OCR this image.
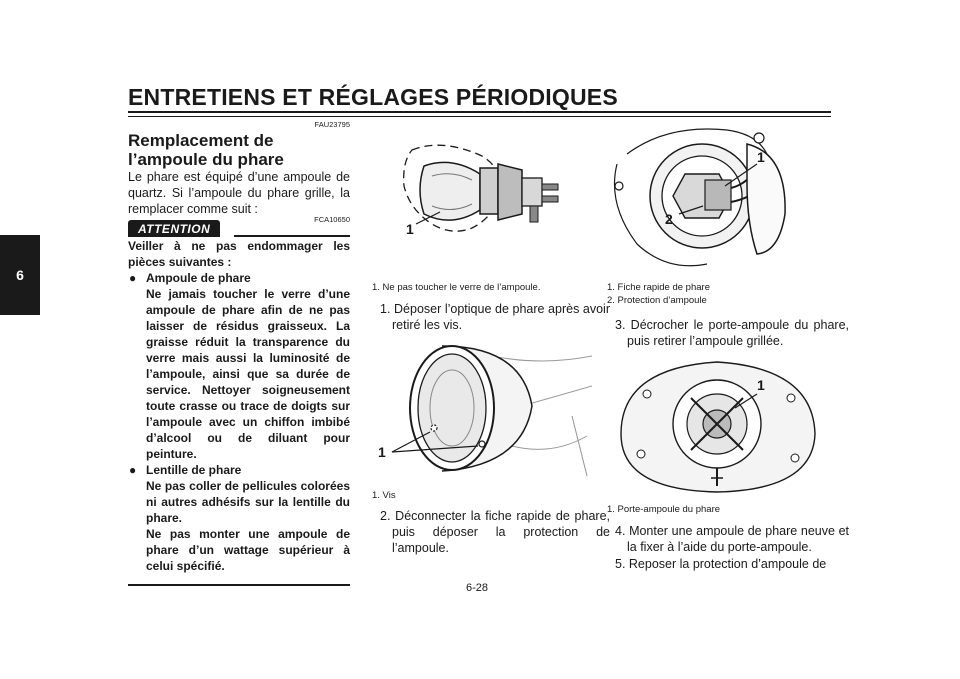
ENTRETIENS ET RÉGLAGES PÉRIODIQUES
6
FAU23795
Remplacement de l’ampoule du phare
Le phare est équipé d’une ampoule de quartz. Si l’ampoule du phare grille, la remplacer comme suit :
ATTENTION
FCA10650
Veiller à ne pas endommager les pièces suivantes :
● Ampoule de phare
Ne jamais toucher le verre d’une ampoule de phare afin de ne pas laisser de résidus graisseux. La graisse réduit la transparence du verre mais aussi la luminosité de l’ampoule, ainsi que sa durée de service. Nettoyer soigneusement toute crasse ou trace de doigts sur l’ampoule avec un chiffon imbibé d’alcool ou de diluant pour peinture.
● Lentille de phare
Ne pas coller de pellicules colorées ni autres adhésifs sur la lentille du phare.
Ne pas monter une ampoule de phare d’un wattage supérieur à celui spécifié.
1
1. Ne pas toucher le verre de l’ampoule.
1. Déposer l’optique de phare après avoir retiré les vis.
1
1. Vis
2. Déconnecter la fiche rapide de phare, puis déposer la protection de l’ampoule.
1
2
1. Fiche rapide de phare
2. Protection d’ampoule
3. Décrocher le porte-ampoule du phare, puis retirer l’ampoule grillée.
1
1. Porte-ampoule du phare
4. Monter une ampoule de phare neuve et la fixer à l’aide du porte-ampoule.
5. Reposer la protection d’ampoule de
6-28
